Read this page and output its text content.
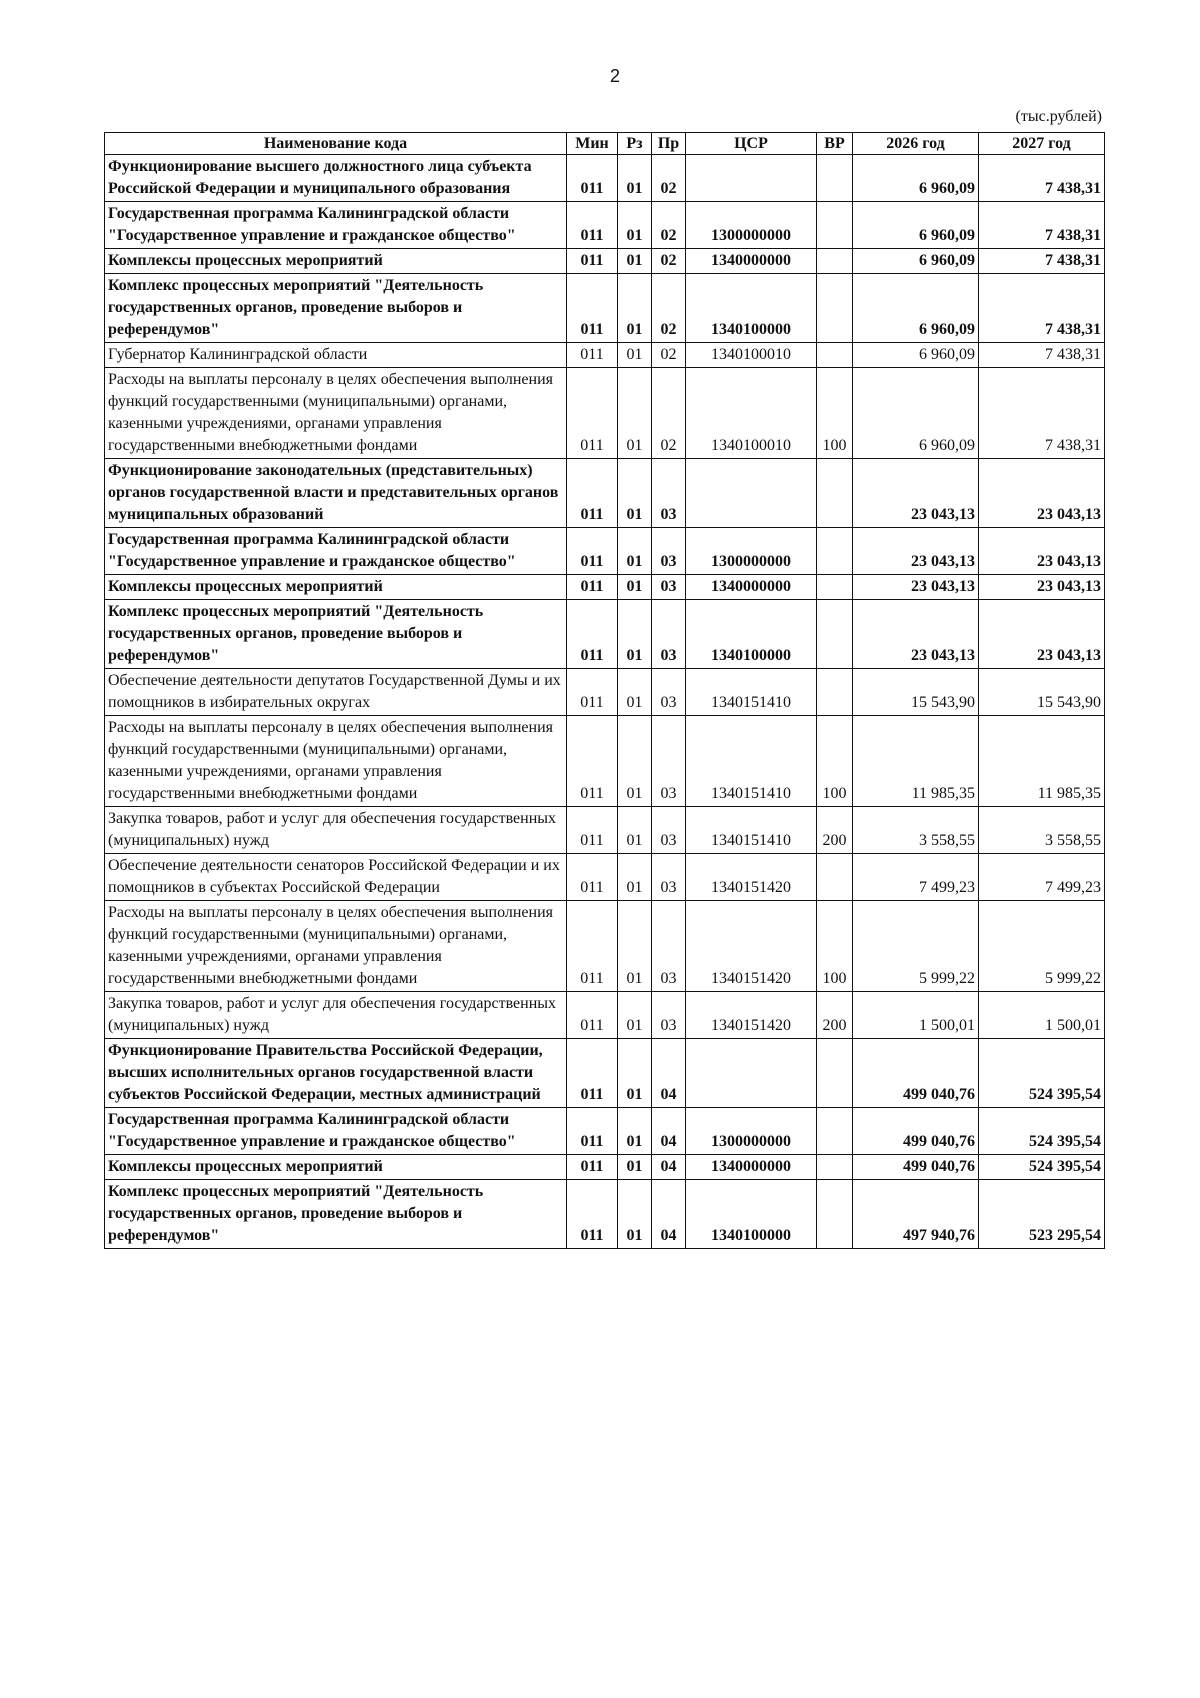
2
(тыс.рублей)
Наименование кода	Мин	Рз	Пр	ЦСР	ВР	2026 год	2027 год
Функционирование высшего должностного лица субъекта Российской Федерации и муниципального образования	011	01	02			6 960,09	7 438,31
Государственная программа Калининградской области "Государственное управление и гражданское общество"	011	01	02	1300000000		6 960,09	7 438,31
Комплексы процессных мероприятий	011	01	02	1340000000		6 960,09	7 438,31
Комплекс процессных мероприятий "Деятельность государственных органов, проведение выборов и референдумов"	011	01	02	1340100000		6 960,09	7 438,31
Губернатор Калининградской области	011	01	02	1340100010		6 960,09	7 438,31
Расходы на выплаты персоналу в целях обеспечения выполнения функций государственными (муниципальными) органами, казенными учреждениями, органами управления государственными внебюджетными фондами	011	01	02	1340100010	100	6 960,09	7 438,31
Функционирование законодательных (представительных) органов государственной власти и представительных органов муниципальных образований	011	01	03			23 043,13	23 043,13
Государственная программа Калининградской области "Государственное управление и гражданское общество"	011	01	03	1300000000		23 043,13	23 043,13
Комплексы процессных мероприятий	011	01	03	1340000000		23 043,13	23 043,13
Комплекс процессных мероприятий "Деятельность государственных органов, проведение выборов и референдумов"	011	01	03	1340100000		23 043,13	23 043,13
Обеспечение деятельности депутатов Государственной Думы и их помощников в избирательных округах	011	01	03	1340151410		15 543,90	15 543,90
Расходы на выплаты персоналу в целях обеспечения выполнения функций государственными (муниципальными) органами, казенными учреждениями, органами управления государственными внебюджетными фондами	011	01	03	1340151410	100	11 985,35	11 985,35
Закупка товаров, работ и услуг для обеспечения государственных (муниципальных) нужд	011	01	03	1340151410	200	3 558,55	3 558,55
Обеспечение деятельности сенаторов Российской Федерации и их помощников в субъектах Российской Федерации	011	01	03	1340151420		7 499,23	7 499,23
Расходы на выплаты персоналу в целях обеспечения выполнения функций государственными (муниципальными) органами, казенными учреждениями, органами управления государственными внебюджетными фондами	011	01	03	1340151420	100	5 999,22	5 999,22
Закупка товаров, работ и услуг для обеспечения государственных (муниципальных) нужд	011	01	03	1340151420	200	1 500,01	1 500,01
Функционирование Правительства Российской Федерации, высших исполнительных органов государственной власти субъектов Российской Федерации, местных администраций	011	01	04			499 040,76	524 395,54
Государственная программа Калининградской области "Государственное управление и гражданское общество"	011	01	04	1300000000		499 040,76	524 395,54
Комплексы процессных мероприятий	011	01	04	1340000000		499 040,76	524 395,54
Комплекс процессных мероприятий "Деятельность государственных органов, проведение выборов и референдумов"	011	01	04	1340100000		497 940,76	523 295,54
